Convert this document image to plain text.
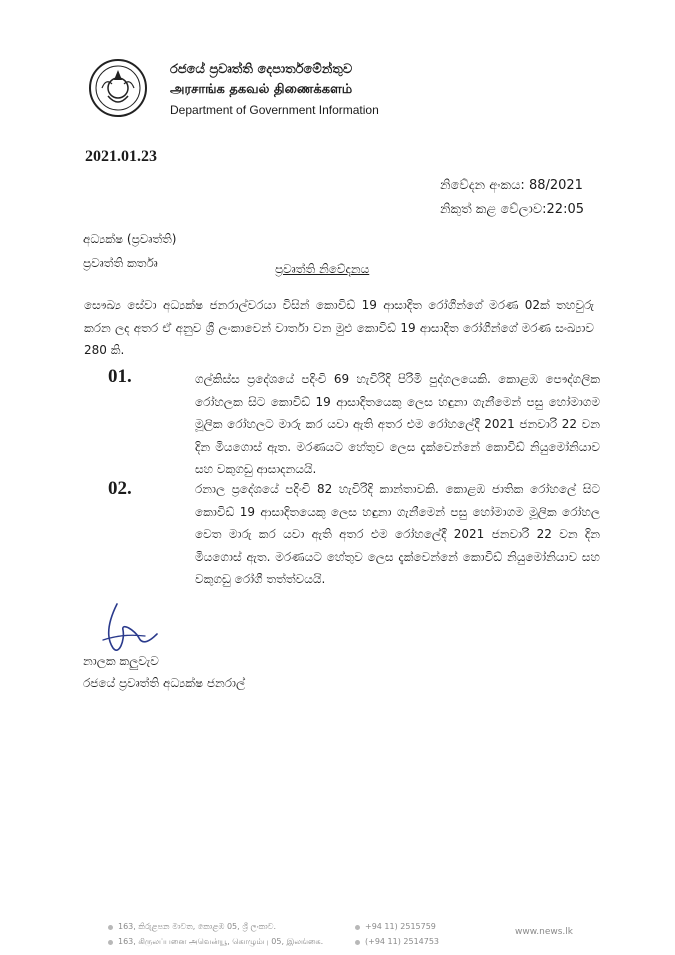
රජයේ ප්‍රවෘත්ති දෙපාර්තමේන්තුව
அரசாங்க தகவல் திணைக்களம்
Department of Government Information
2021.01.23
නිවේදන අංකය: 88/2021
නිකුත් කළ වේලාව:22:05
අධ්‍යක්ෂ (ප්‍රවෘත්ති)
ප්‍රවෘත්ති කර්තෘ	ප්‍රවෘත්ති නිවේදනය
සෞඛ්‍ය සේවා අධ්‍යක්ෂ ජනරාල්වරයා විසින් කොවිඩ් 19 ආසාදිත රෝගීන්ගේ මරණ 02ක් තහවුරු කරන ලද අතර ඒ අනුව ශ්‍රී ලංකාවෙන් වාර්තා වන මුළු කොවිඩ් 19 ආසාදිත රෝගීන්ගේ මරණ සංඛ්‍යාව 280 කි.
01.	ගල්කිස්ස ප්‍රදේශයේ පදිංචි 69 හැවිරිදි පිරිමි පුද්ගලයෙකි. කොළඹ පෞද්ගලික රෝහලක සිට කොවිඩ් 19 ආසාදිතයෙකු ලෙස හඳුනා ගැනීමෙන් පසු හෝමාගම මූලික රෝහලට මාරු කර යවා ඇති අතර එම රෝහලේදී 2021 ජනවාරි 22 වන දින මියගොස් ඇත. මරණයට හේතුව ලෙස දැක්වෙන්නේ කොවිඩ් නියුමෝනියාව සහ වකුගඩු ආසාදනයයි.
02.	රනාල ප්‍රදේශයේ පදිංචි 82 හැවිරිදි කාන්තාවකි. කොළඹ ජාතික රෝහලේ සිට කොවිඩ් 19 ආසාදිතයෙකු ලෙස හඳුනා ගැනීමෙන් පසු හෝමාගම මූලික රෝහල වෙත මාරු කර යවා ඇති අතර එම රෝහලේදී 2021 ජනවාරි 22 වන දින මියගොස් ඇත. මරණයට හේතුව ලෙස දැක්වෙන්නේ කොවිඩ් නියුමෝනියාව සහ වකුගඩු රෝගී තත්ත්වයයි.
නාලක කලුවැව
රජයේ ප්‍රවෘත්ති අධ්‍යක්ෂ ජනරාල්
163, කිරුළපන මාවත, කොළඹ 05, ශ්‍රී ලංකාව.
163, கிருலப்பனை அவென்யூ, கொழும்பு 05, இலங்கை.
+94 11) 2515759
(+94 11) 2514753
www.news.lk
